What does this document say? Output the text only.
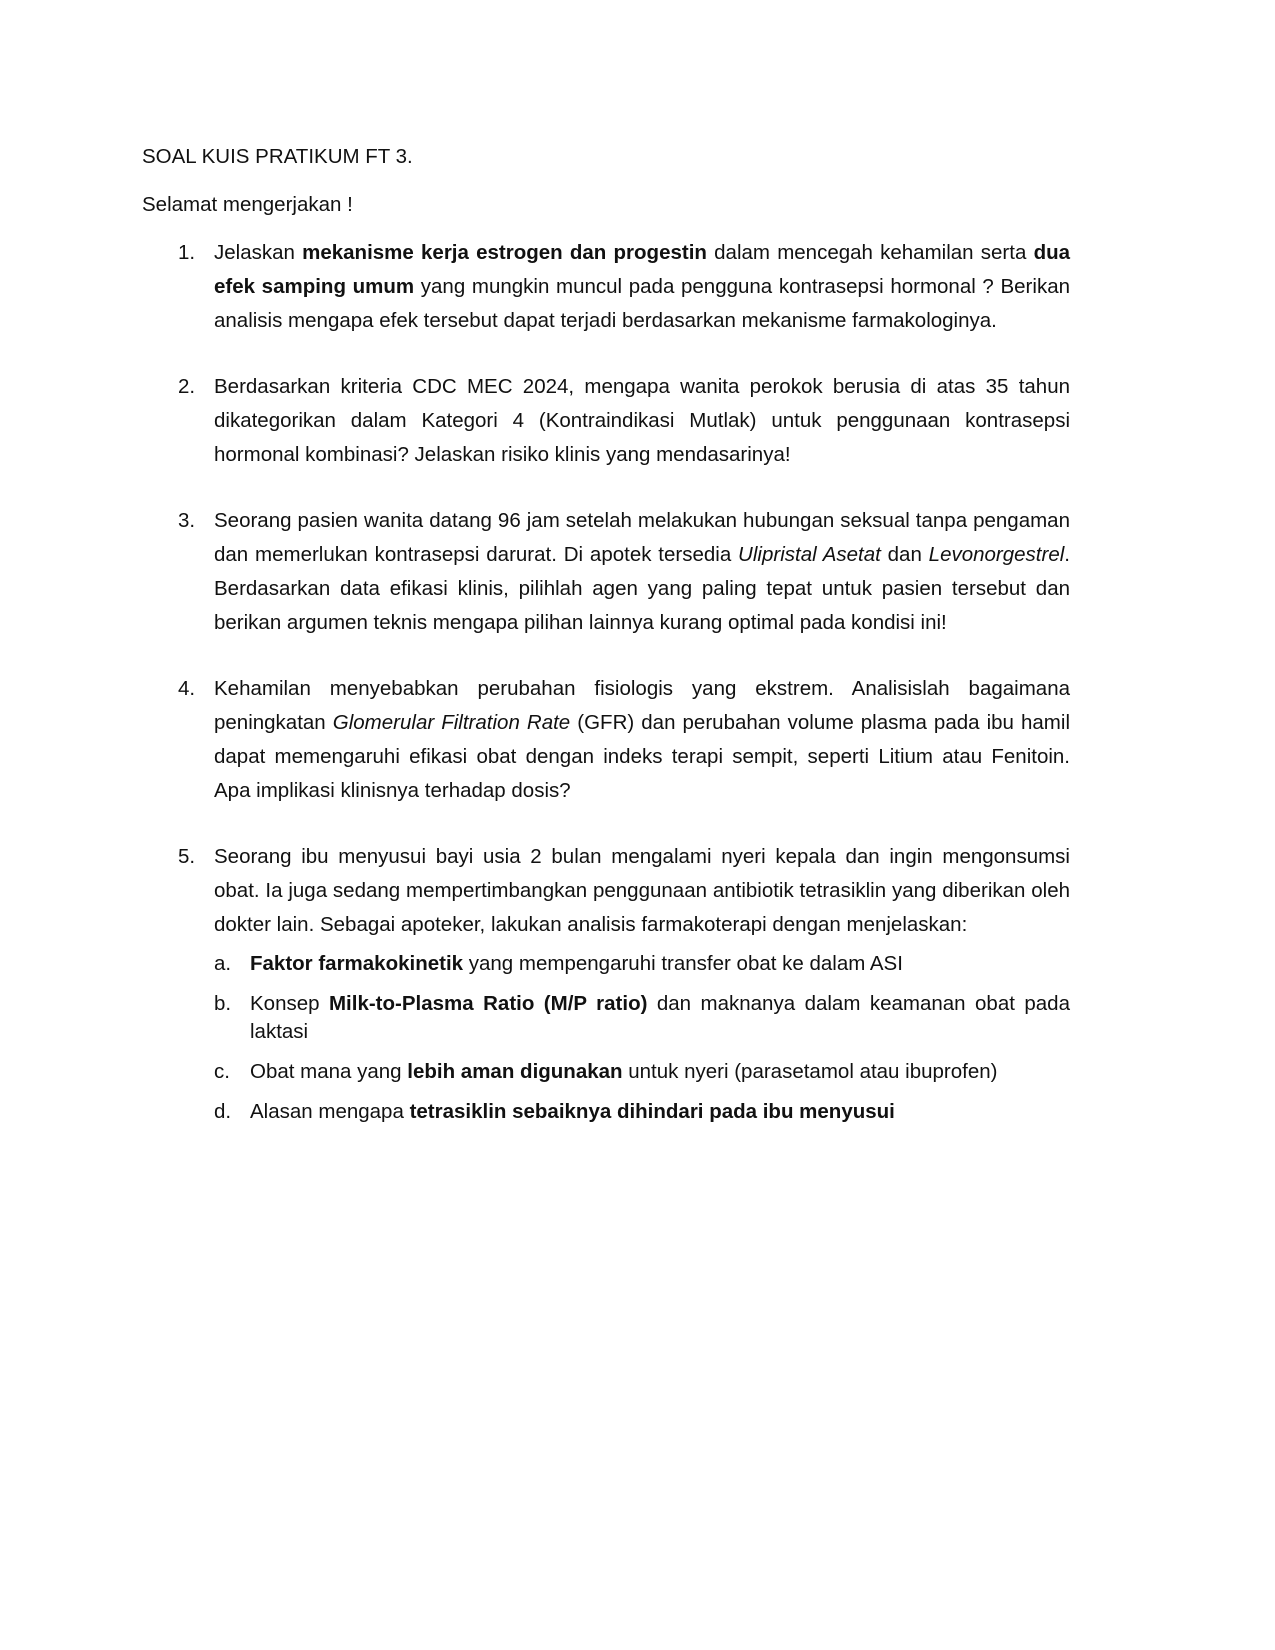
SOAL KUIS PRATIKUM FT 3.

Selamat mengerjakan !

1. Jelaskan mekanisme kerja estrogen dan progestin dalam mencegah kehamilan serta dua efek samping umum yang mungkin muncul pada pengguna kontrasepsi hormonal ? Berikan analisis mengapa efek tersebut dapat terjadi berdasarkan mekanisme farmakologinya.
2. Berdasarkan kriteria CDC MEC 2024, mengapa wanita perokok berusia di atas 35 tahun dikategorikan dalam Kategori 4 (Kontraindikasi Mutlak) untuk penggunaan kontrasepsi hormonal kombinasi? Jelaskan risiko klinis yang mendasarinya!
3. Seorang pasien wanita datang 96 jam setelah melakukan hubungan seksual tanpa pengaman dan memerlukan kontrasepsi darurat. Di apotek tersedia Ulipristal Asetat dan Levonorgestrel. Berdasarkan data efikasi klinis, pilihlah agen yang paling tepat untuk pasien tersebut dan berikan argumen teknis mengapa pilihan lainnya kurang optimal pada kondisi ini!
4. Kehamilan menyebabkan perubahan fisiologis yang ekstrem. Analisislah bagaimana peningkatan Glomerular Filtration Rate (GFR) dan perubahan volume plasma pada ibu hamil dapat memengaruhi efikasi obat dengan indeks terapi sempit, seperti Litium atau Fenitoin. Apa implikasi klinisnya terhadap dosis?
5. Seorang ibu menyusui bayi usia 2 bulan mengalami nyeri kepala dan ingin mengonsumsi obat. Ia juga sedang mempertimbangkan penggunaan antibiotik tetrasiklin yang diberikan oleh dokter lain. Sebagai apoteker, lakukan analisis farmakoterapi dengan menjelaskan:
a. Faktor farmakokinetik yang mempengaruhi transfer obat ke dalam ASI
b. Konsep Milk-to-Plasma Ratio (M/P ratio) dan maknanya dalam keamanan obat pada laktasi
c. Obat mana yang lebih aman digunakan untuk nyeri (parasetamol atau ibuprofen)
d. Alasan mengapa tetrasiklin sebaiknya dihindari pada ibu menyusui
